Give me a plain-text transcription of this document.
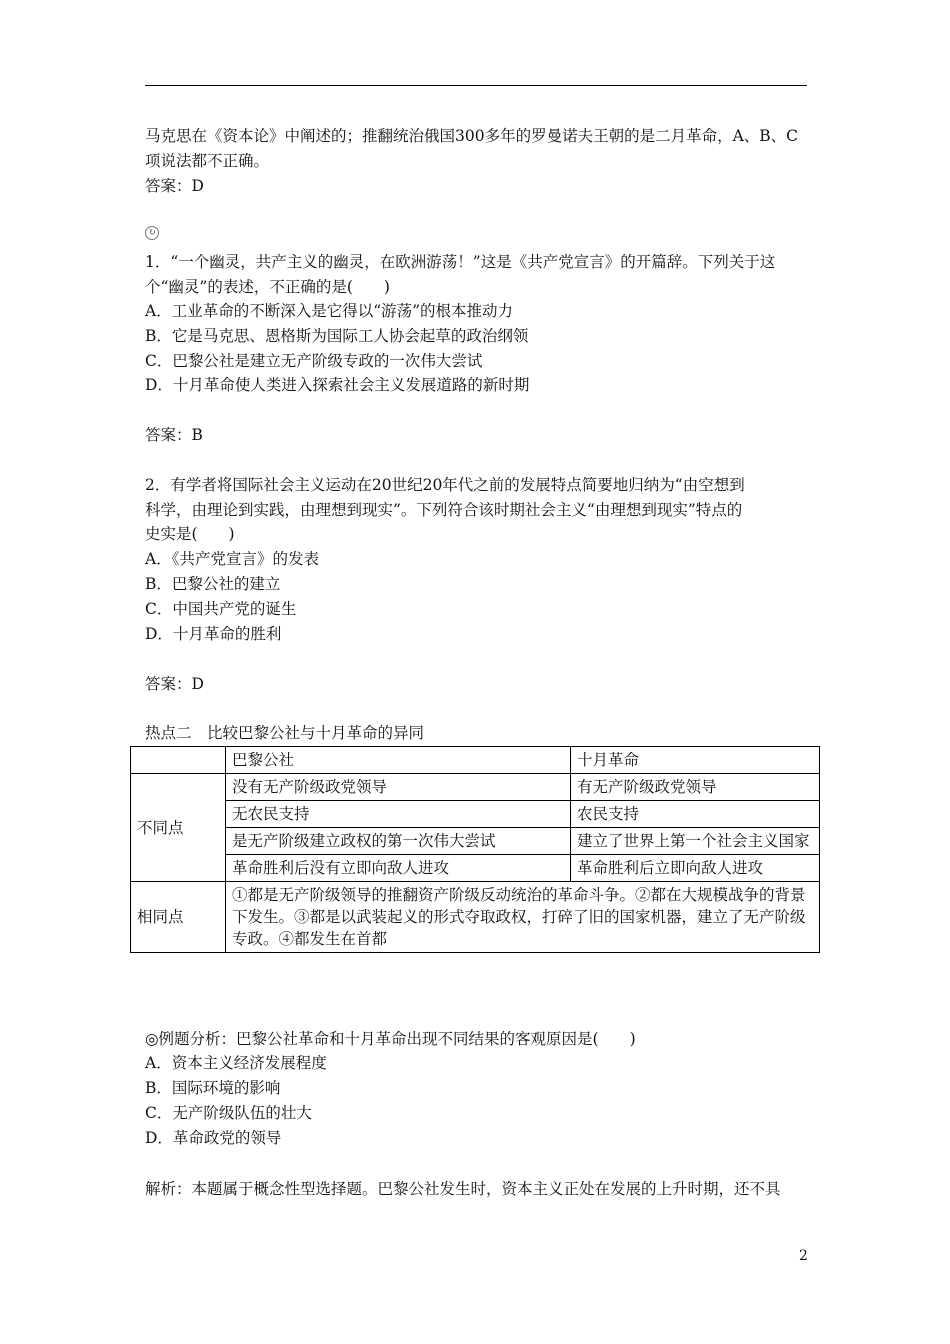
马克思在《资本论》中阐述的；推翻统治俄国300多年的罗曼诺夫王朝的是二月革命，A、B、C
项说法都不正确。
答案：D
↻
1．“一个幽灵，共产主义的幽灵，在欧洲游荡！”这是《共产党宣言》的开篇辞。下列关于这
个“幽灵”的表述，不正确的是(　　)
A．工业革命的不断深入是它得以“游荡”的根本推动力
B．它是马克思、恩格斯为国际工人协会起草的政治纲领
C．巴黎公社是建立无产阶级专政的一次伟大尝试
D．十月革命使人类进入探索社会主义发展道路的新时期
答案：B
2．有学者将国际社会主义运动在20世纪20年代之前的发展特点简要地归纳为“由空想到
科学，由理论到实践，由理想到现实”。下列符合该时期社会主义“由理想到现实”特点的
史实是(　　)
A．《共产党宣言》的发表
B．巴黎公社的建立
C．中国共产党的诞生
D．十月革命的胜利
答案：D
热点二　比较巴黎公社与十月革命的异同
	巴黎公社	十月革命
不同点	没有无产阶级政党领导	有无产阶级政党领导
	无农民支持	农民支持
	是无产阶级建立政权的第一次伟大尝试	建立了世界上第一个社会主义国家
	革命胜利后没有立即向敌人进攻	革命胜利后立即向敌人进攻
相同点	①都是无产阶级领导的推翻资产阶级反动统治的革命斗争。②都在大规模战争的背景下发生。③都是以武装起义的形式夺取政权，打碎了旧的国家机器，建立了无产阶级专政。④都发生在首都	
◎例题分析：巴黎公社革命和十月革命出现不同结果的客观原因是(　　)
A．资本主义经济发展程度
B．国际环境的影响
C．无产阶级队伍的壮大
D．革命政党的领导
解析：本题属于概念性型选择题。巴黎公社发生时，资本主义正处在发展的上升时期，还不具
2
